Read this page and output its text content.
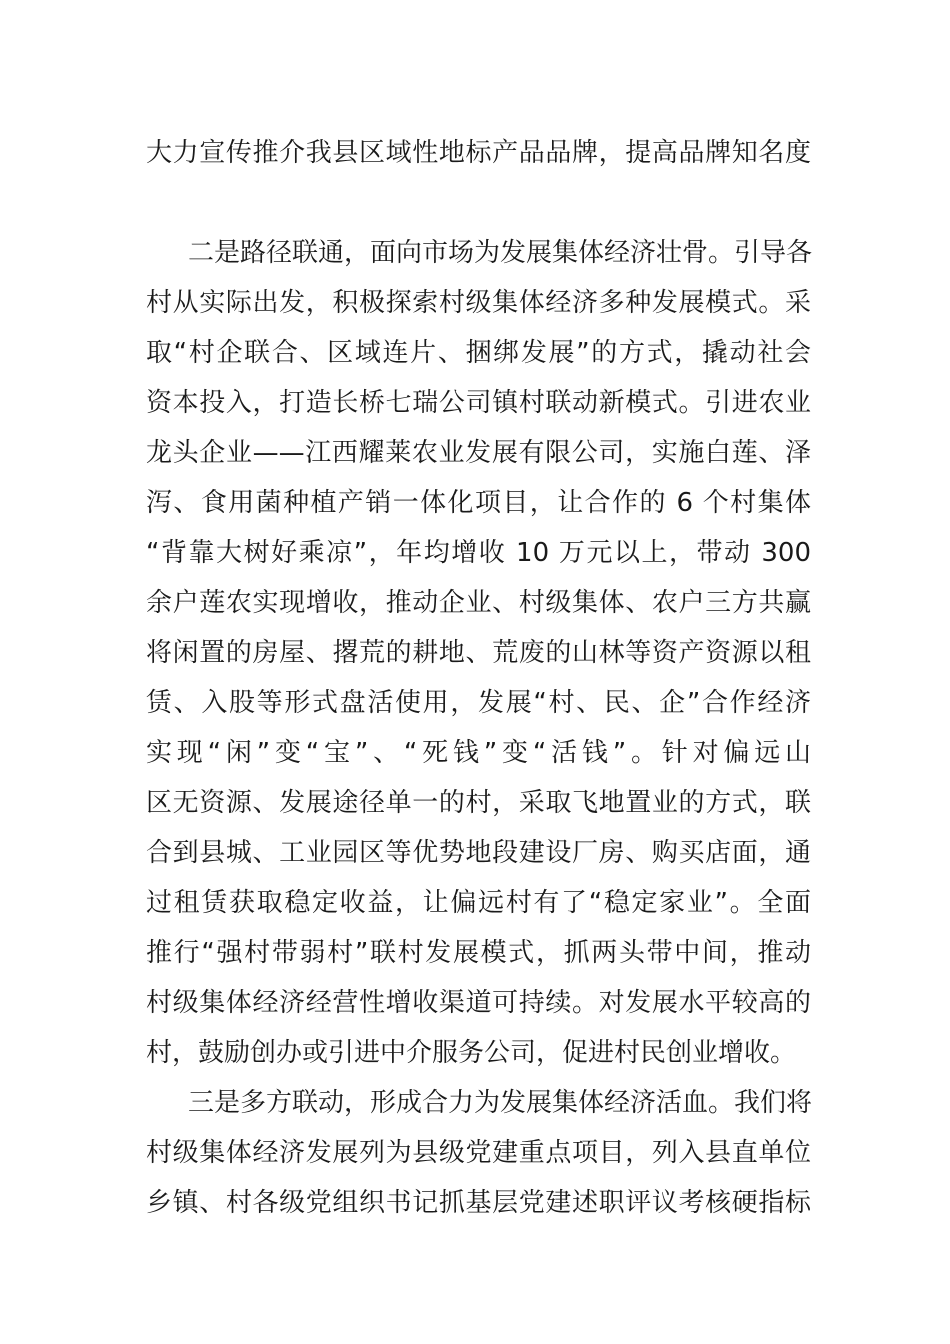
大力宣传推介我县区域性地标产品品牌，提高品牌知名度
二是路径联通，面向市场为发展集体经济壮骨。引导各
村从实际出发，积极探索村级集体经济多种发展模式。采
取“村企联合、区域连片、捆绑发展”的方式，撬动社会
资本投入，打造长桥七瑞公司镇村联动新模式。引进农业
龙头企业——江西耀莱农业发展有限公司，实施白莲、泽
泻、食用菌种植产销一体化项目，让合作的 6 个村集体
“背靠大树好乘凉”，年均增收 10 万元以上，带动 300
余户莲农实现增收，推动企业、村级集体、农户三方共赢
将闲置的房屋、撂荒的耕地、荒废的山林等资产资源以租
赁、入股等形式盘活使用，发展“村、民、企”合作经济
实现“闲”变“宝”、“死钱”变“活钱”。针对偏远山
区无资源、发展途径单一的村，采取飞地置业的方式，联
合到县城、工业园区等优势地段建设厂房、购买店面，通
过租赁获取稳定收益，让偏远村有了“稳定家业”。全面
推行“强村带弱村”联村发展模式，抓两头带中间，推动
村级集体经济经营性增收渠道可持续。对发展水平较高的
村，鼓励创办或引进中介服务公司，促进村民创业增收。
三是多方联动，形成合力为发展集体经济活血。我们将
村级集体经济发展列为县级党建重点项目，列入县直单位
乡镇、村各级党组织书记抓基层党建述职评议考核硬指标
